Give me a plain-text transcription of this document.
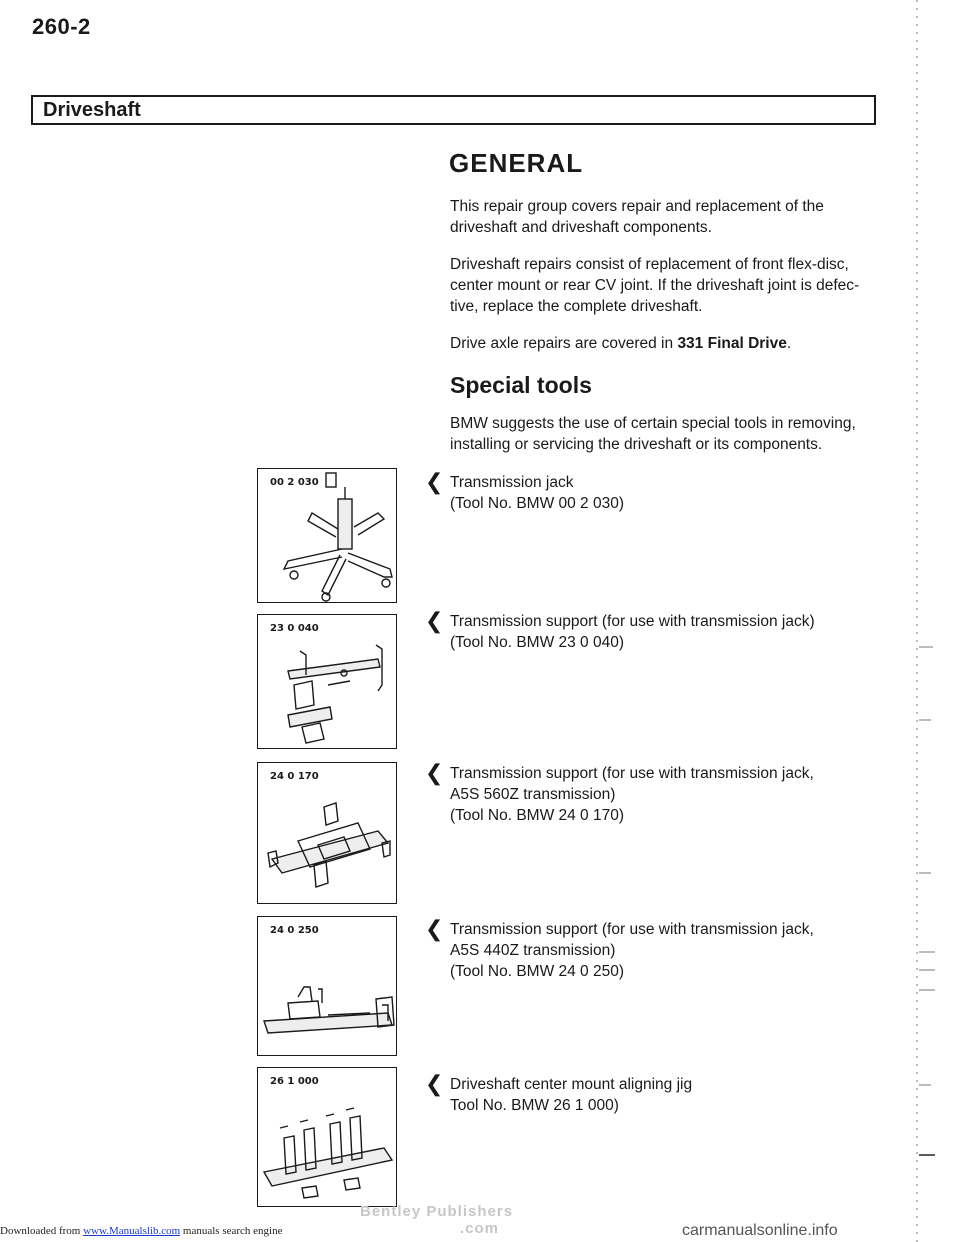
260-2
Driveshaft
GENERAL
This repair group covers repair and replacement of the
driveshaft and driveshaft components.
Driveshaft repairs consist of replacement of front flex-disc,
center mount or rear CV joint. If the driveshaft joint is defec-
tive, replace the complete driveshaft.
Drive axle repairs are covered in 331 Final Drive.
Special tools
BMW suggests the use of certain special tools in removing,
installing or servicing the driveshaft or its components.
00 2 030	❮ Transmission jack
(Tool No. BMW 00 2 030)
23 0 040	❮ Transmission support (for use with transmission jack)
(Tool No. BMW 23 0 040)
24 0 170	❮ Transmission support (for use with transmission jack,
A5S 560Z transmission)
(Tool No. BMW 24 0 170)
24 0 250	❮ Transmission support (for use with transmission jack,
A5S 440Z transmission)
(Tool No. BMW 24 0 250)
26 1 000	❮ Driveshaft center mount aligning jig
Tool No. BMW 26 1 000)
Bentley Publishers
.com
Downloaded from www.Manualslib.com manuals search engine	carmanualsonline.info
